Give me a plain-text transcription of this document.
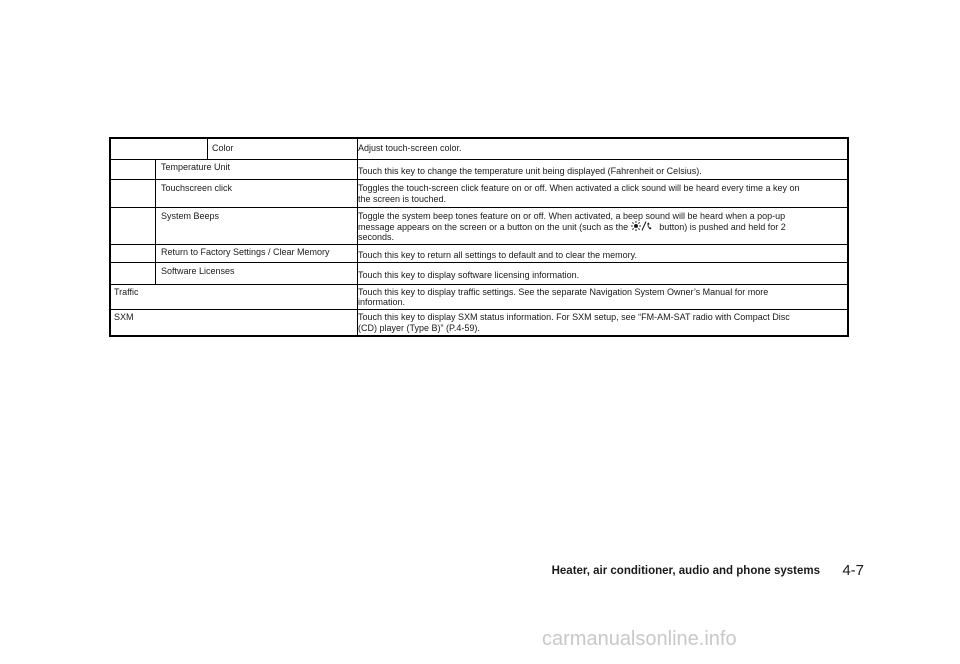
Color	Adjust touch-screen color.
Temperature Unit	Touch this key to change the temperature unit being displayed (Fahrenheit or Celsius).
Touchscreen click	Toggles the touch-screen click feature on or off. When activated a click sound will be heard every time a key on
the screen is touched.
System Beeps	Toggle the system beep tones feature on or off. When activated, a beep sound will be heard when a pop-up
message appears on the screen or a button on the unit (such as the	button) is pushed and held for 2
seconds.
Return to Factory Settings / Clear Memory	Touch this key to return all settings to default and to clear the memory.
Software Licenses	Touch this key to display software licensing information.
Traffic	Touch this key to display traffic settings. See the separate Navigation System Owner’s Manual for more
information.
SXM	Touch this key to display SXM status information. For SXM setup, see “FM-AM-SAT radio with Compact Disc
(CD) player (Type B)” (P.4-59).
Heater, air conditioner, audio and phone systems 4-7
carmanualsonline.info
